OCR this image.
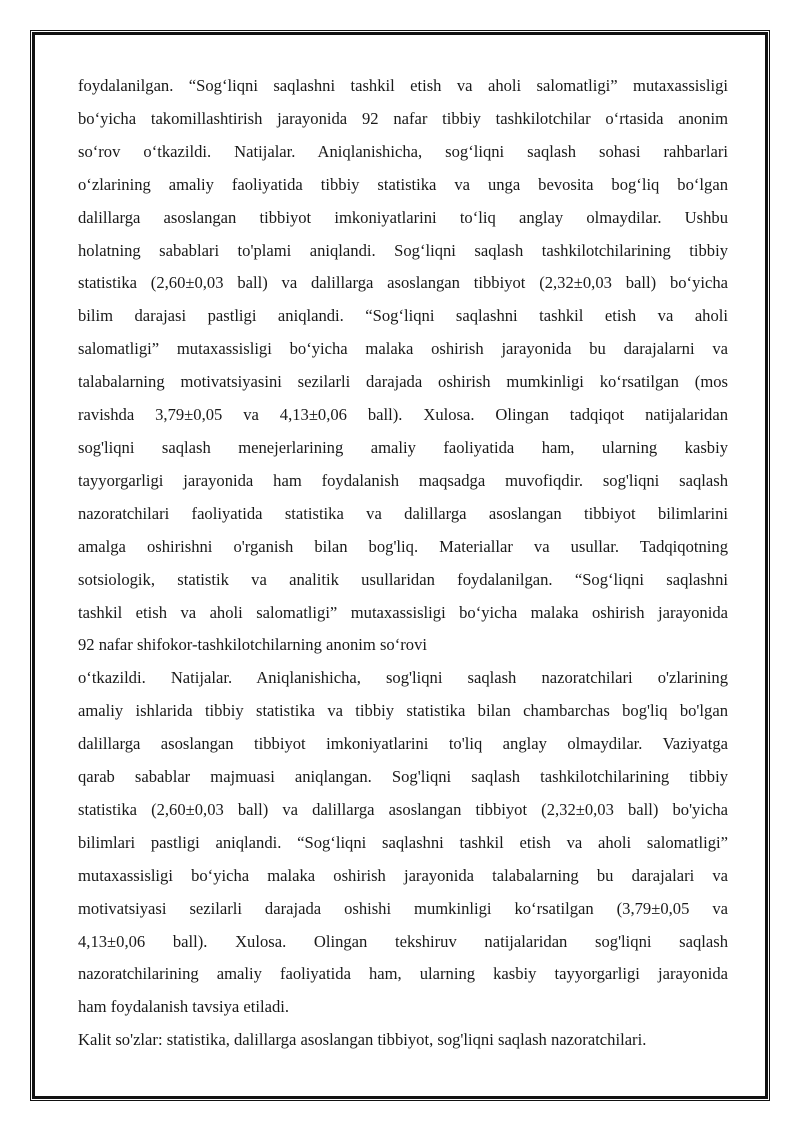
foydalanilgan. “Sog‘liqni saqlashni tashkil etish va aholi salomatligi” mutaxassisligi
bo‘yicha takomillashtirish jarayonida 92 nafar tibbiy tashkilotchilar o‘rtasida anonim
so‘rov o‘tkazildi. Natijalar. Aniqlanishicha, sog‘liqni saqlash sohasi rahbarlari
o‘zlarining amaliy faoliyatida tibbiy statistika va unga bevosita bog‘liq bo‘lgan
dalillarga asoslangan tibbiyot imkoniyatlarini to‘liq anglay olmaydilar. Ushbu
holatning sabablari to'plami aniqlandi. Sog‘liqni saqlash tashkilotchilarining tibbiy
statistika (2,60±0,03 ball) va dalillarga asoslangan tibbiyot (2,32±0,03 ball) bo‘yicha
bilim darajasi pastligi aniqlandi. “Sog‘liqni saqlashni tashkil etish va aholi
salomatligi” mutaxassisligi bo‘yicha malaka oshirish jarayonida bu darajalarni va
talabalarning motivatsiyasini sezilarli darajada oshirish mumkinligi ko‘rsatilgan (mos
ravishda 3,79±0,05 va 4,13±0,06 ball). Xulosa. Olingan tadqiqot natijalaridan
sog'liqni saqlash menejerlarining amaliy faoliyatida ham, ularning kasbiy
tayyorgarligi jarayonida ham foydalanish maqsadga muvofiqdir. sog'liqni saqlash
nazoratchilari faoliyatida statistika va dalillarga asoslangan tibbiyot bilimlarini
amalga oshirishni o'rganish bilan bog'liq. Materiallar va usullar. Tadqiqotning
sotsiologik, statistik va analitik usullaridan foydalanilgan. “Sog‘liqni saqlashni
tashkil etish va aholi salomatligi” mutaxassisligi bo‘yicha malaka oshirish jarayonida
92 nafar shifokor-tashkilotchilarning anonim so‘rovi
o‘tkazildi. Natijalar. Aniqlanishicha, sog'liqni saqlash nazoratchilari o'zlarining
amaliy ishlarida tibbiy statistika va tibbiy statistika bilan chambarchas bog'liq bo'lgan
dalillarga asoslangan tibbiyot imkoniyatlarini to'liq anglay olmaydilar. Vaziyatga
qarab sabablar majmuasi aniqlangan. Sog'liqni saqlash tashkilotchilarining tibbiy
statistika (2,60±0,03 ball) va dalillarga asoslangan tibbiyot (2,32±0,03 ball) bo'yicha
bilimlari pastligi aniqlandi. “Sog‘liqni saqlashni tashkil etish va aholi salomatligi”
mutaxassisligi bo‘yicha malaka oshirish jarayonida talabalarning bu darajalari va
motivatsiyasi sezilarli darajada oshishi mumkinligi ko‘rsatilgan (3,79±0,05 va
4,13±0,06 ball). Xulosa. Olingan tekshiruv natijalaridan sog'liqni saqlash
nazoratchilarining amaliy faoliyatida ham, ularning kasbiy tayyorgarligi jarayonida
ham foydalanish tavsiya etiladi.
Kalit so'zlar: statistika, dalillarga asoslangan tibbiyot, sog'liqni saqlash nazoratchilari.
